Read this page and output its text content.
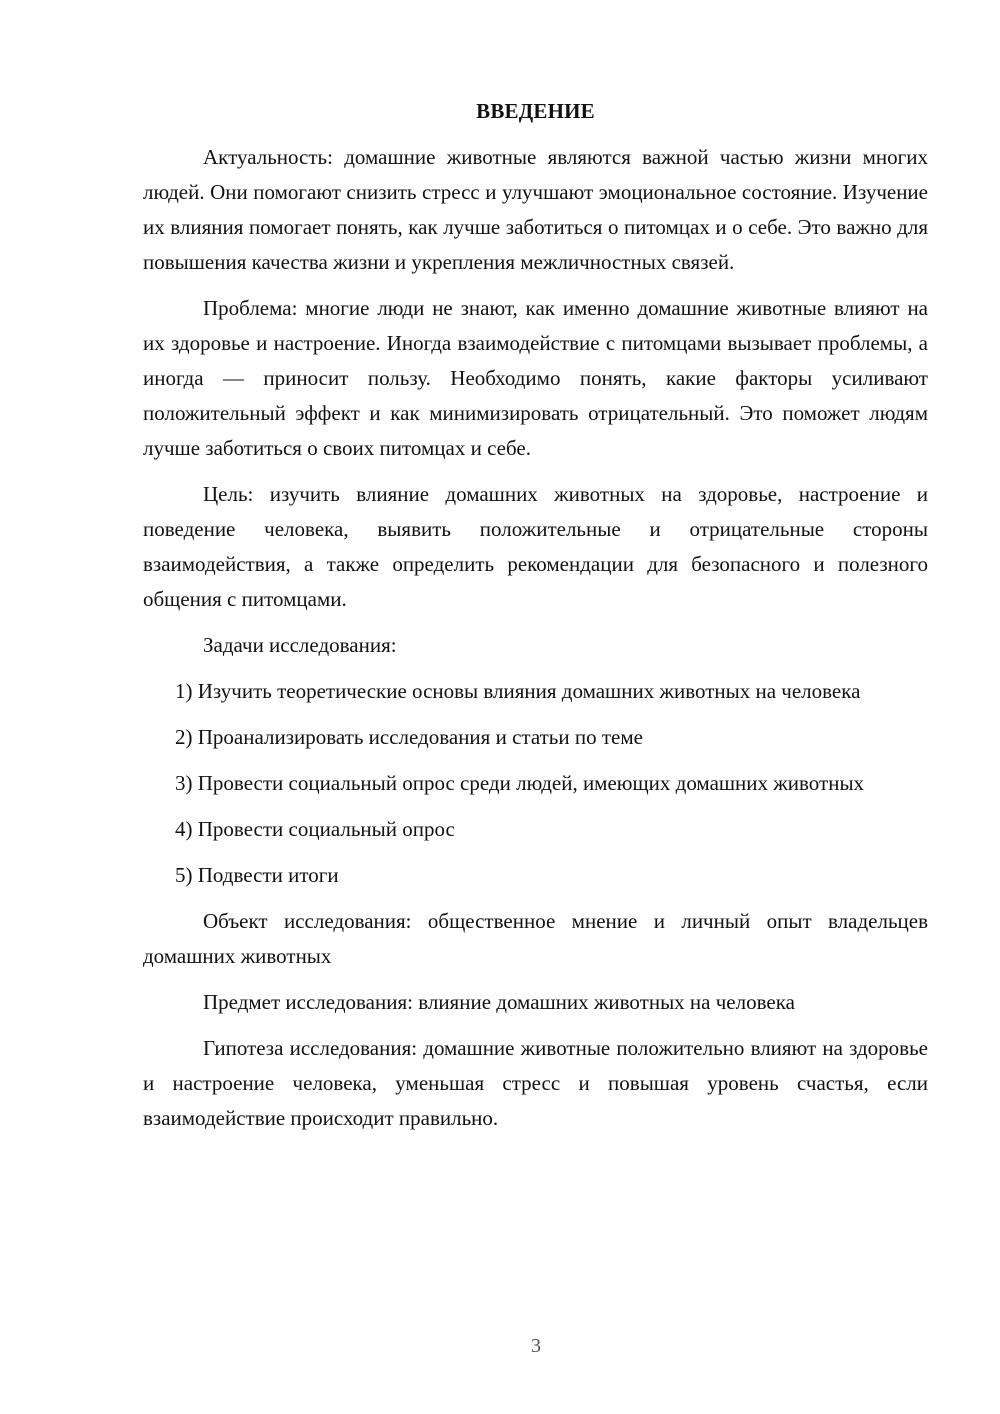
ВВЕДЕНИЕ

Актуальность: домашние животные являются важной частью жизни многих людей. Они помогают снизить стресс и улучшают эмоциональное состояние. Изучение их влияния помогает понять, как лучше заботиться о питомцах и о себе. Это важно для повышения качества жизни и укрепления межличностных связей.

Проблема: многие люди не знают, как именно домашние животные влияют на их здоровье и настроение. Иногда взаимодействие с питомцами вызывает проблемы, а иногда — приносит пользу. Необходимо понять, какие факторы усиливают положительный эффект и как минимизировать отрицательный. Это поможет людям лучше заботиться о своих питомцах и себе.

Цель: изучить влияние домашних животных на здоровье, настроение и поведение человека, выявить положительные и отрицательные стороны взаимодействия, а также определить рекомендации для безопасного и полезного общения с питомцами.

Задачи исследования:

1) Изучить теоретические основы влияния домашних животных на человека

2) Проанализировать исследования и статьи по теме

3) Провести социальный опрос среди людей, имеющих домашних животных

4) Провести социальный опрос

5) Подвести итоги

Объект исследования: общественное мнение и личный опыт владельцев домашних животных

Предмет исследования: влияние домашних животных на человека

Гипотеза исследования: домашние животные положительно влияют на здоровье и настроение человека, уменьшая стресс и повышая уровень счастья, если взаимодействие происходит правильно.

3
